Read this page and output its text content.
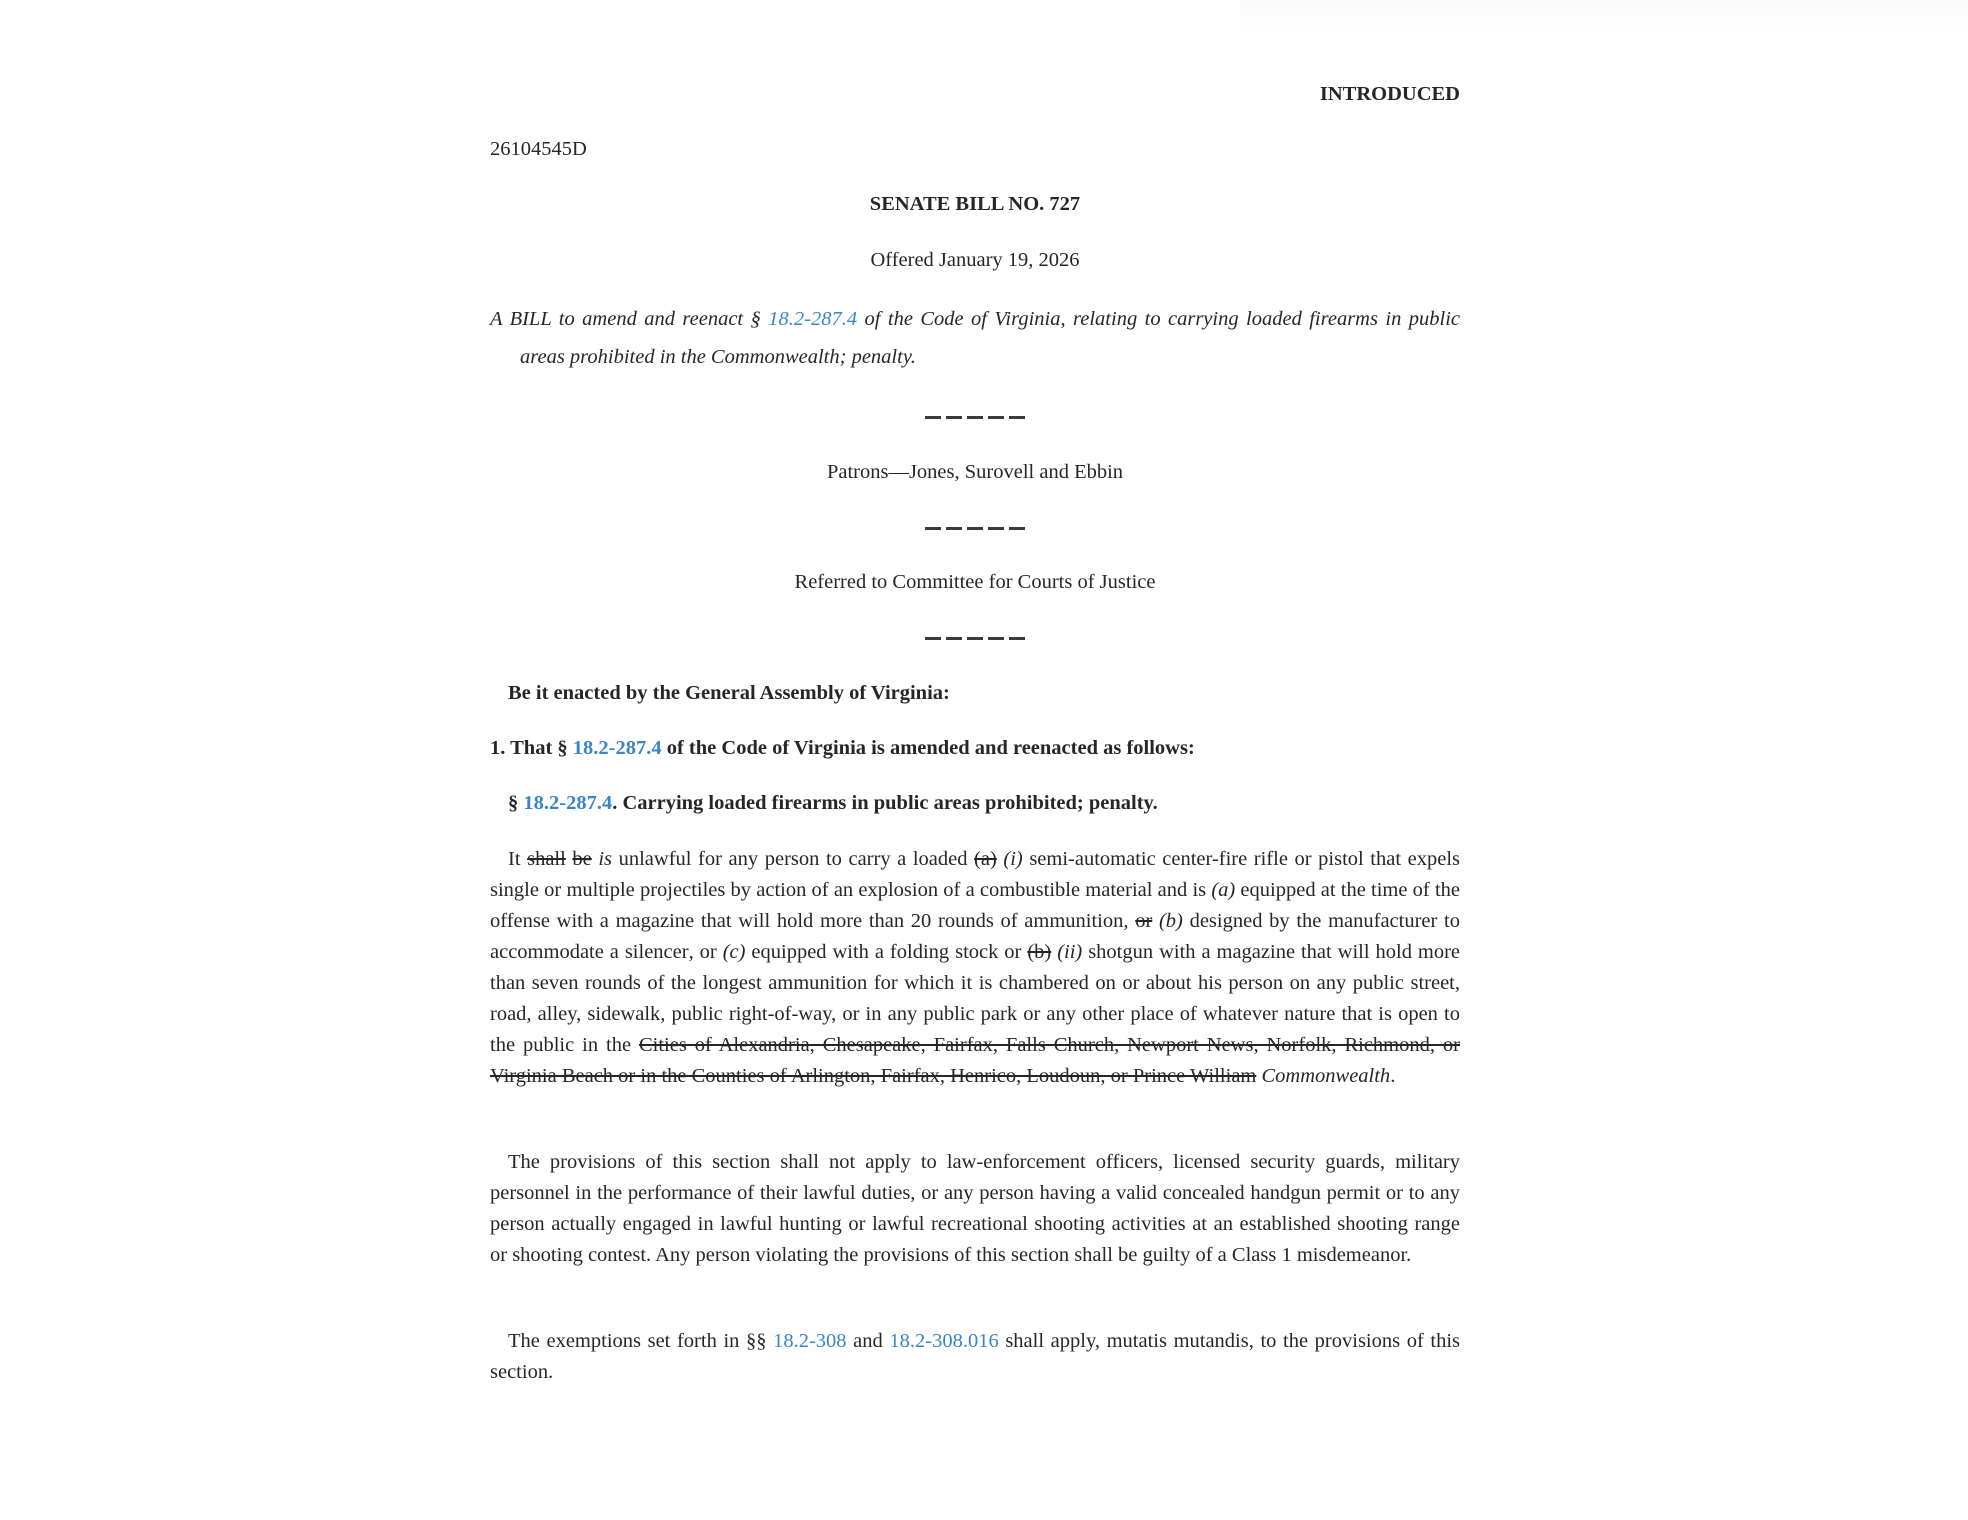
INTRODUCED
26104545D
SENATE BILL NO. 727
Offered January 19, 2026
A BILL to amend and reenact § 18.2-287.4 of the Code of Virginia, relating to carrying loaded firearms in public areas prohibited in the Commonwealth; penalty.
Patrons—Jones, Surovell and Ebbin
Referred to Committee for Courts of Justice
Be it enacted by the General Assembly of Virginia:
1. That § 18.2-287.4 of the Code of Virginia is amended and reenacted as follows:
§ 18.2-287.4. Carrying loaded firearms in public areas prohibited; penalty.
It shall be is unlawful for any person to carry a loaded (a) (i) semi-automatic center-fire rifle or pistol that expels single or multiple projectiles by action of an explosion of a combustible material and is (a) equipped at the time of the offense with a magazine that will hold more than 20 rounds of ammunition, or (b) designed by the manufacturer to accommodate a silencer, or (c) equipped with a folding stock or (b) (ii) shotgun with a magazine that will hold more than seven rounds of the longest ammunition for which it is chambered on or about his person on any public street, road, alley, sidewalk, public right-of-way, or in any public park or any other place of whatever nature that is open to the public in the Cities of Alexandria, Chesapeake, Fairfax, Falls Church, Newport News, Norfolk, Richmond, or Virginia Beach or in the Counties of Arlington, Fairfax, Henrico, Loudoun, or Prince William Commonwealth.
The provisions of this section shall not apply to law-enforcement officers, licensed security guards, military personnel in the performance of their lawful duties, or any person having a valid concealed handgun permit or to any person actually engaged in lawful hunting or lawful recreational shooting activities at an established shooting range or shooting contest. Any person violating the provisions of this section shall be guilty of a Class 1 misdemeanor.
The exemptions set forth in §§ 18.2-308 and 18.2-308.016 shall apply, mutatis mutandis, to the provisions of this section.
